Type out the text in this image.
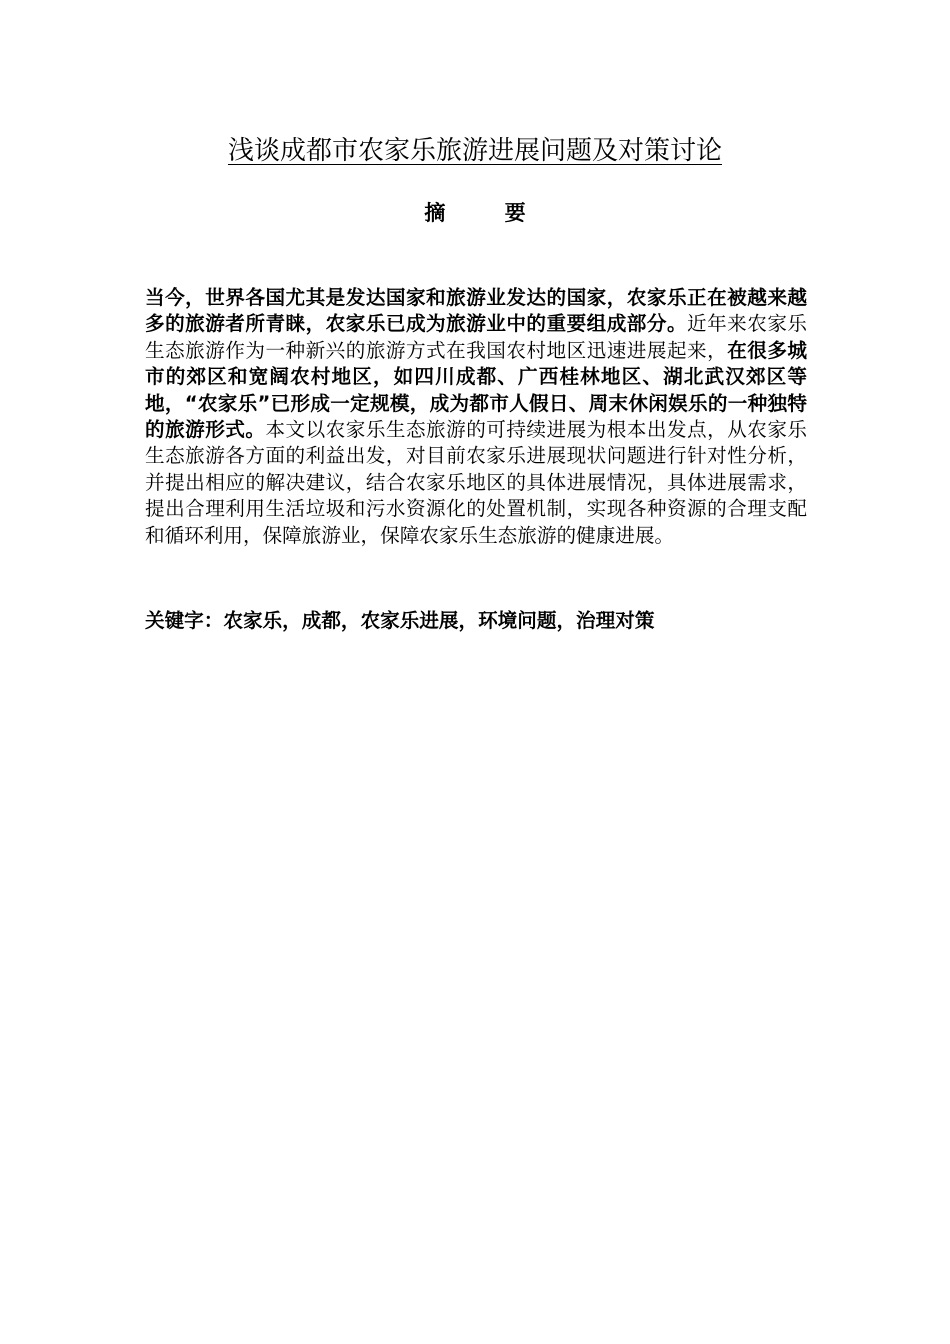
浅谈成都市农家乐旅游进展问题及对策讨论
摘 要

当今，世界各国尤其是发达国家和旅游业发达的国家，农家乐正在被越来越多的旅游者所青睐，农家乐已成为旅游业中的重要组成部分。近年来农家乐生态旅游作为一种新兴的旅游方式在我国农村地区迅速进展起来，在很多城市的郊区和宽阔农村地区，如四川成都、广西桂林地区、湖北武汉郊区等地，“农家乐”已形成一定规模，成为都市人假日、周末休闲娱乐的一种独特的旅游形式。本文以农家乐生态旅游的可持续进展为根本出发点，从农家乐生态旅游各方面的利益出发，对目前农家乐进展现状问题进行针对性分析，并提出相应的解决建议，结合农家乐地区的具体进展情况，具体进展需求，提出合理利用生活垃圾和污水资源化的处置机制，实现各种资源的合理支配和循环利用，保障旅游业，保障农家乐生态旅游的健康进展。

关键字：农家乐，成都，农家乐进展，环境问题，治理对策
